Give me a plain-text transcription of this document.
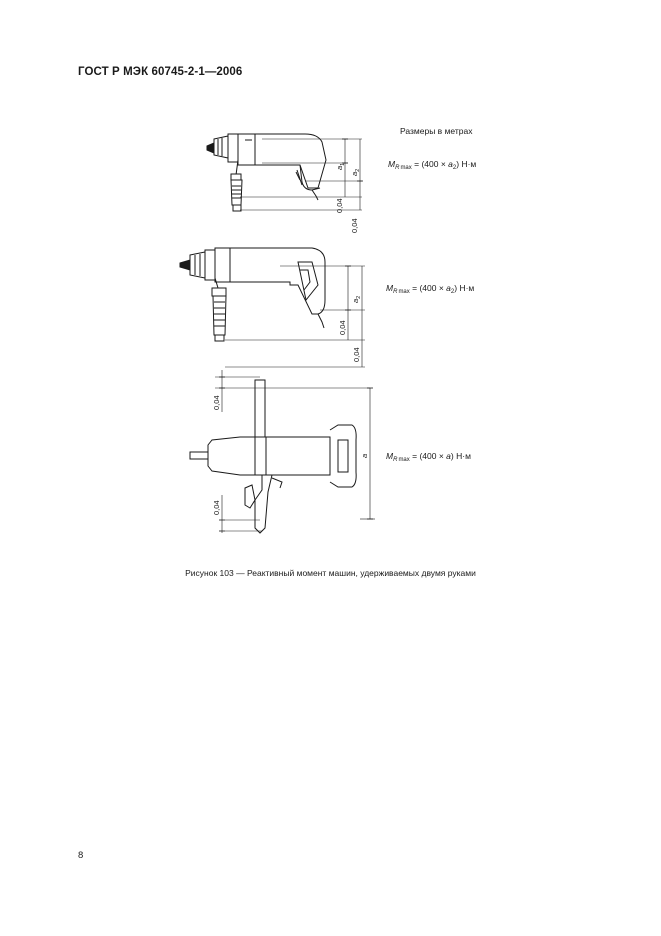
ГОСТ Р МЭК 60745-2-1—2006
Размеры в метрах
$M_R\max = (400 \times a_2)$ Н·м
$M_R\max = (400 \times a_2)$ Н·м
$M_R\max = (400 \times a)$ Н·м
$a_1$
$a_2$
0,04
0,04
$a_2$
0,04
0,04
0,04
0,04
a
Рисунок 103 — Реактивный момент машин, удерживаемых двумя руками
8
